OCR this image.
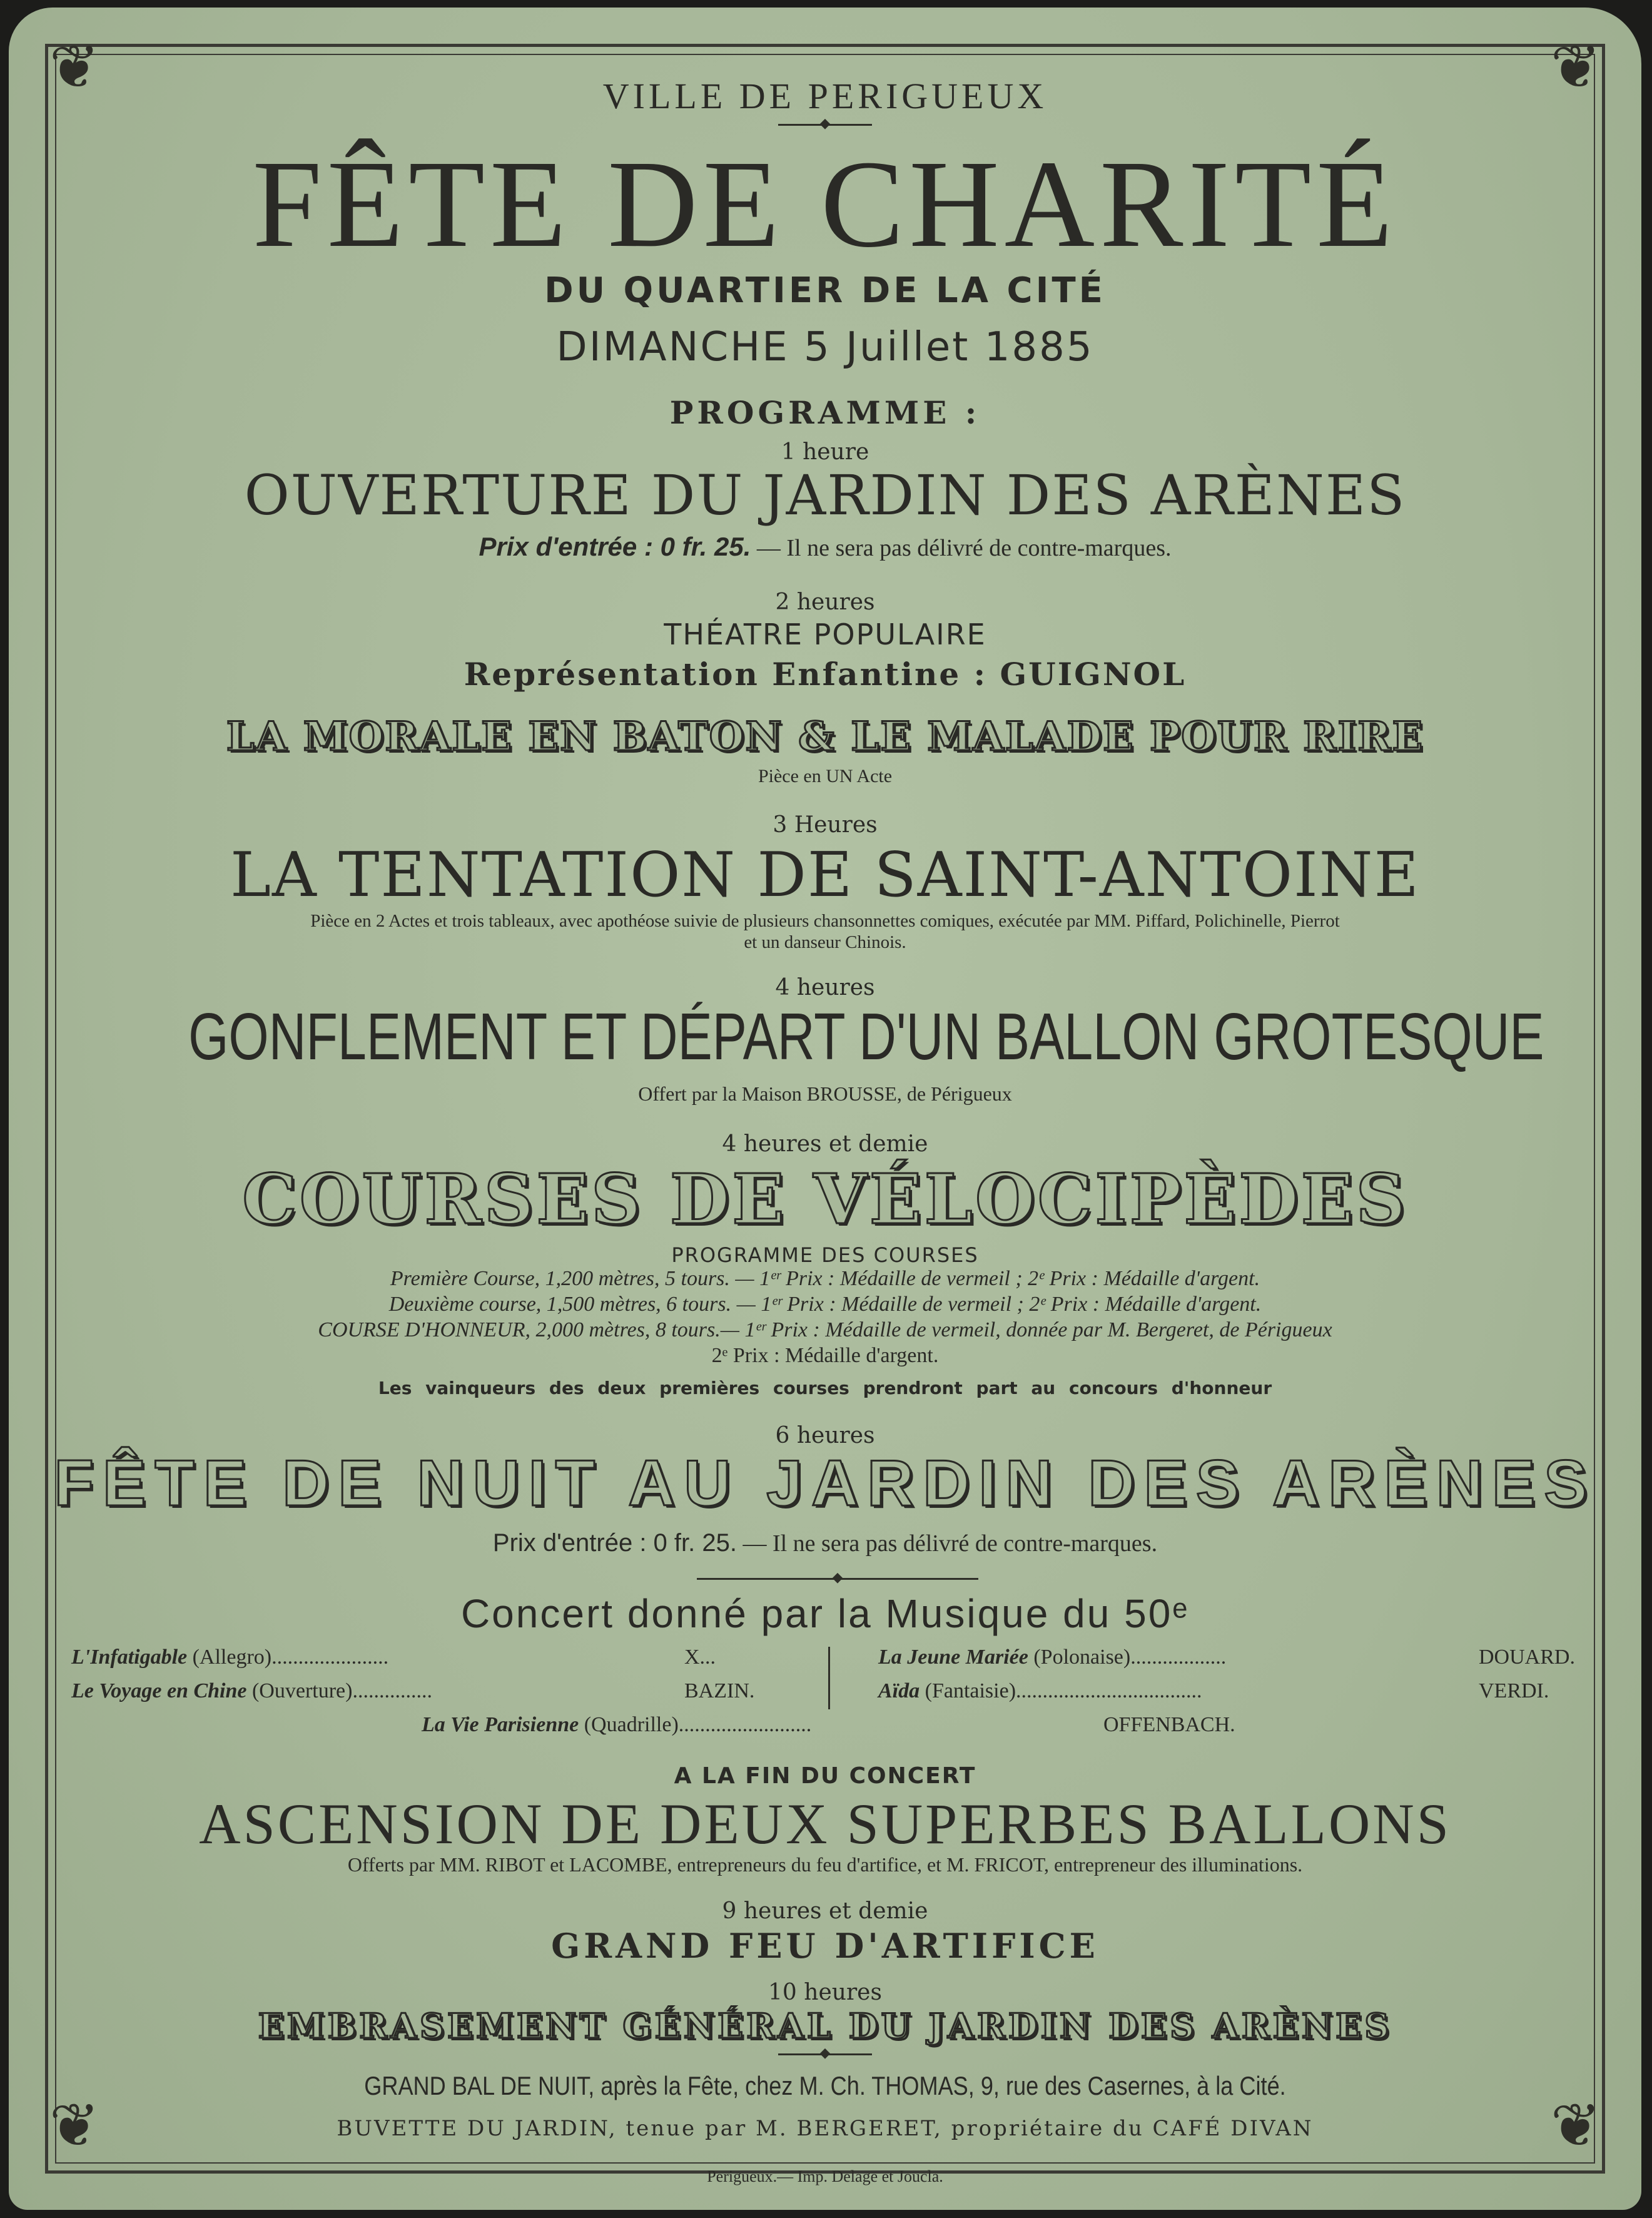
❦	❦
❦	❦
VILLE DE PERIGUEUX
◆
FÊTE DE CHARITÉ
DU QUARTIER DE LA CITÉ
DIMANCHE 5 Juillet 1885
PROGRAMME :
1 heure
OUVERTURE DU JARDIN DES ARÈNES
Prix d'entrée : 0 fr. 25. — Il ne sera pas délivré de contre-marques.
2 heures
THÉATRE POPULAIRE
Représentation Enfantine : GUIGNOL
LA MORALE EN BATON & LE MALADE POUR RIRE
Pièce en UN Acte
3 Heures
LA TENTATION DE SAINT-ANTOINE
Pièce en 2 Actes et trois tableaux, avec apothéose suivie de plusieurs chansonnettes comiques, exécutée par MM. Piffard, Polichinelle, Pierrot
et un danseur Chinois.
4 heures
GONFLEMENT ET DÉPART D'UN BALLON GROTESQUE
Offert par la Maison BROUSSE, de Périgueux
4 heures et demie
COURSES DE VÉLOCIPÈDES
PROGRAMME DES COURSES
Première Course, 1,200 mètres, 5 tours. — 1ᵉʳ Prix : Médaille de vermeil ; 2ᵉ Prix : Médaille d'argent.
Deuxième course, 1,500 mètres, 6 tours. — 1ᵉʳ Prix : Médaille de vermeil ; 2ᵉ Prix : Médaille d'argent.
COURSE D'HONNEUR, 2,000 mètres, 8 tours.— 1ᵉʳ Prix : Médaille de vermeil, donnée par M. Bergeret, de Périgueux
2ᵉ Prix : Médaille d'argent.
Les vainqueurs des deux premières courses prendront part au concours d'honneur
6 heures
FÊTE DE NUIT AU JARDIN DES ARÈNES
Prix d'entrée : 0 fr. 25. — Il ne sera pas délivré de contre-marques.
◆
Concert donné par la Musique du 50ᵉ
L'Infatigable (Allegro)......................	X...
Le Voyage en Chine (Ouverture)...............	BAZIN.
La Jeune Mariée (Polonaise)..................	DOUARD.
Aïda (Fantaisie)...................................	VERDI.
La Vie Parisienne (Quadrille).........................	OFFENBACH.
A LA FIN DU CONCERT
ASCENSION DE DEUX SUPERBES BALLONS
Offerts par MM. RIBOT et LACOMBE, entrepreneurs du feu d'artifice, et M. FRICOT, entrepreneur des illuminations.
9 heures et demie
GRAND FEU D'ARTIFICE
10 heures
EMBRASEMENT GÉNÉRAL DU JARDIN DES ARÈNES
◆
GRAND BAL DE NUIT, après la Fête, chez M. Ch. THOMAS, 9, rue des Casernes, à la Cité.
BUVETTE DU JARDIN, tenue par M. BERGERET, propriétaire du CAFÉ DIVAN
Perigueux.— Imp. Delage et Joucla.
